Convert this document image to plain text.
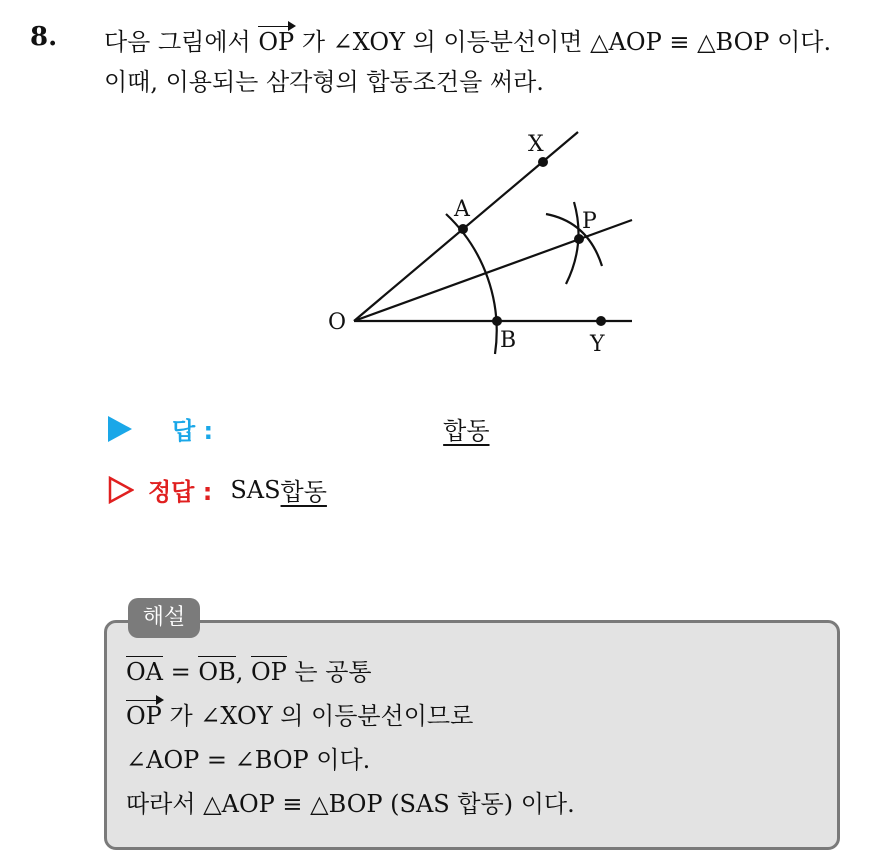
8. 다음 그림에서 OP 가 ∠XOY 의 이등분선이면 △AOP ≡ △BOP 이다.
이때, 이용되는 삼각형의 합동조건을 써라.
X
A	P
O
B	Y
답 :	합동
정답 : SAS 합동
해설
OA = OB, OP 는 공통
OP 가 ∠XOY 의 이등분선이므로
∠AOP = ∠BOP 이다.
따라서 △AOP ≡ △BOP (SAS 합동) 이다.
